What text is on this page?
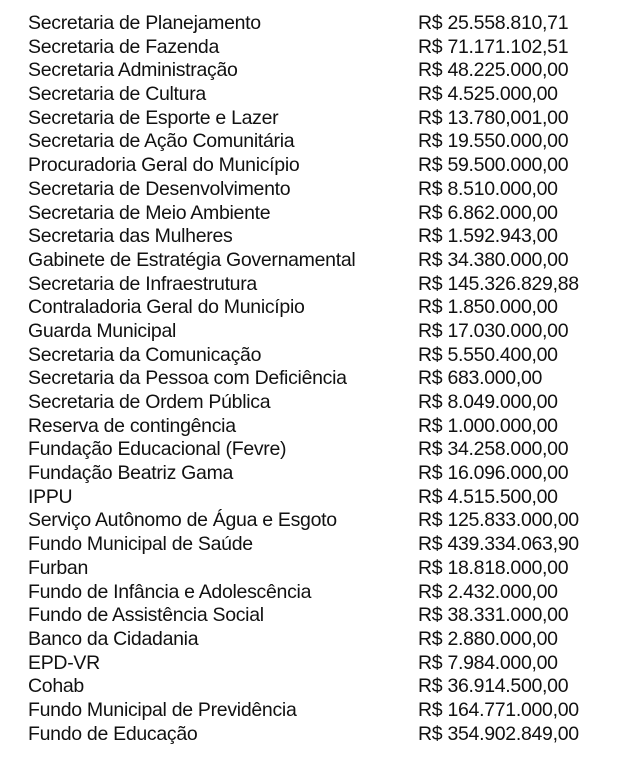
Secretaria de Planejamento	R$ 25.558.810,71
Secretaria de Fazenda	R$ 71.171.102,51
Secretaria Administração	R$ 48.225.000,00
Secretaria de Cultura	R$ 4.525.000,00
Secretaria de Esporte e Lazer	R$ 13.780,001,00
Secretaria de Ação Comunitária	R$ 19.550.000,00
Procuradoria Geral do Município	R$ 59.500.000,00
Secretaria de Desenvolvimento	R$ 8.510.000,00
Secretaria de Meio Ambiente	R$ 6.862.000,00
Secretaria das Mulheres	R$ 1.592.943,00
Gabinete de Estratégia Governamental	R$ 34.380.000,00
Secretaria de Infraestrutura	R$ 145.326.829,88
Contraladoria Geral do Município	R$ 1.850.000,00
Guarda Municipal	R$ 17.030.000,00
Secretaria da Comunicação	R$ 5.550.400,00
Secretaria da Pessoa com Deficiência	R$ 683.000,00
Secretaria de Ordem Pública	R$ 8.049.000,00
Reserva de contingência	R$ 1.000.000,00
Fundação Educacional (Fevre)	R$ 34.258.000,00
Fundação Beatriz Gama	R$ 16.096.000,00
IPPU	R$ 4.515.500,00
Serviço Autônomo de Água e Esgoto	R$ 125.833.000,00
Fundo Municipal de Saúde	R$ 439.334.063,90
Furban	R$ 18.818.000,00
Fundo de Infância e Adolescência	R$ 2.432.000,00
Fundo de Assistência Social	R$ 38.331.000,00
Banco da Cidadania	R$ 2.880.000,00
EPD-VR	R$ 7.984.000,00
Cohab	R$ 36.914.500,00
Fundo Municipal de Previdência	R$ 164.771.000,00
Fundo de Educação	R$ 354.902.849,00
